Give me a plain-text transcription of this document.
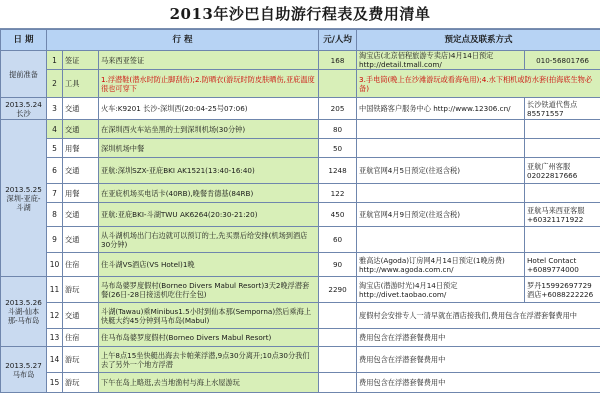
2013年沙巴自助游行程表及费用清单
日 期	行 程			元/人均	预定点及联系方式	
提前准备	1	签证	马来西亚签证	168	淘宝店(北京佰程旅游专卖店)4月14日预定 http://detail.tmall.com/	010-56801766
	2	工具	1.浮潜鞋(潜水时防止脚刮伤);2.防晒衣(游玩时防皮肤晒伤,亚庇温度很也可穿下		3.手电筒(晚上在沙滩游玩或看海龟用);4.水下相机或防水套(拍海底生物必备)	
2013.5.24 长沙	3	交通	火车:K9201 长沙-深圳西(20:04-25号07:06)	205	中国铁路客户服务中心 http://www.12306.cn/	长沙铁道代售点85571557
2013.5.25 深圳-亚庇-斗湖	4	交通	在深圳西火车站坐黑的士到深圳机场(30分钟)	80		
	5	用餐	深圳机场中餐	50		
	6	交通	亚航:深圳SZX-亚庇BKI AK1521(13:40-16:40)	1248	亚航官网4月5日预定(往返含税)	亚航广州客服 02022817666
	7	用餐	在亚庇机场买电话卡(40RB),晚餐肯德基(84RB)	122		
	8	交通	亚航:亚庇BKI-斗湖TWU AK6264(20:30-21:20)	450	亚航官网4月9日预定(往返含税)	亚航马来西亚客服 +60321171922
	9	交通	从斗湖机场出门右边就可以预订的士,先买票后给安排(机场到酒店30分钟)	60		
	10	住宿	住斗湖VS酒店(VS Hotel)1晚	90	雅高达(Agoda)订房网4月14日预定(1晚房费) http://www.agoda.com.cn/	Hotel Contact +6089774000
2013.5.26 斗湖-仙本那-马布岛	11	游玩	马布岛婆罗度假村(Borneo Divers Mabul Resort)3天2晚浮潜套餐(26日-28日接送机吃住行全包)	2290	淘宝店(潜游时光)4月14日预定 http://divet.taobao.com/	罗丹15992697729 酒店+6088222226
	12	交通	斗湖(Tawau)乘Minibus1.5小时到仙本那(Semporna)然后乘海上快艇大约45分钟到马布岛(Mabul)		度假村会安排专人一清早就在酒店接我们,费用包含在浮潜套餐费用中	
	13	住宿	住马布岛婆罗度假村(Borneo Divers Mabul Resort)		费用包含在浮潜套餐费用中	
2013.5.27 马布岛	14	游玩	上午8点15坐快艇出海去卡帕莱浮潜,9点30分离开;10点30分我们去了另外一个地方浮潜		费用包含在浮潜套餐费用中	
	15	游玩	下午在岛上略逛,去当地渔村与海上水屋游玩		费用包含在浮潜套餐费用中	
